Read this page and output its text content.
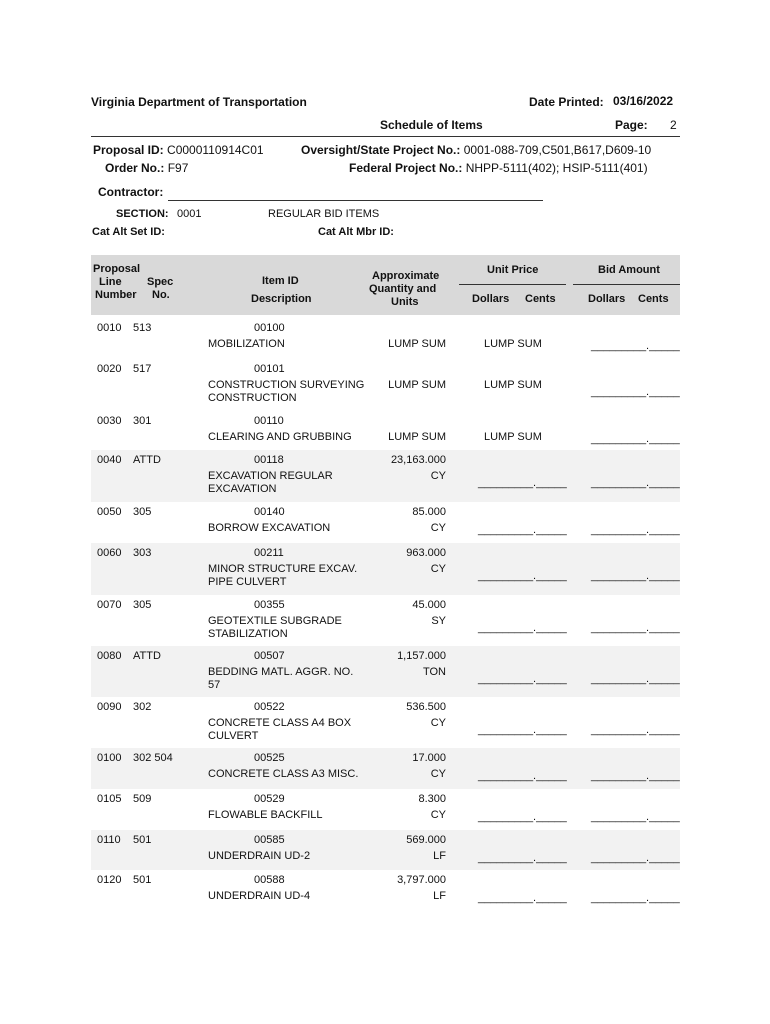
Virginia Department of Transportation	Date Printed: 03/16/2022
Schedule of Items	Page: 2
Proposal ID: C0000110914C01
Order No.: F97
Oversight/State Project No.: 0001-088-709,C501,B617,D609-10
Federal Project No.: NHPP-5111(402); HSIP-5111(401)
Contractor:
SECTION: 0001	REGULAR BID ITEMS
Cat Alt Set ID:	Cat Alt Mbr ID:
Proposal
Line
Number
Spec
No.
Item ID
Description
Approximate
Quantity and
Units
Unit Price	Bid Amount
Dollars Cents	Dollars Cents
0010 513	00100
MOBILIZATION	LUMP SUM	LUMP SUM	_________._____
0020 517	00101
CONSTRUCTION SURVEYING
CONSTRUCTION
LUMP SUM	LUMP SUM
_________._____
0030 301	00110
CLEARING AND GRUBBING	LUMP SUM	LUMP SUM	_________._____
0040 ATTD	00118
EXCAVATION REGULAR
EXCAVATION
23,163.000
CY
_________._____ _________._____
0050 305	00140
BORROW EXCAVATION
85.000
CY	_________._____ _________._____
0060 303	00211
MINOR STRUCTURE EXCAV.
PIPE CULVERT
963.000
CY
_________._____ _________._____
0070 305	00355
GEOTEXTILE SUBGRADE
STABILIZATION
45.000
SY
_________._____ _________._____
0080 ATTD	00507
BEDDING MATL. AGGR. NO.
57
1,157.000
TON
_________._____ _________._____
0090 302	00522
CONCRETE CLASS A4 BOX
CULVERT
536.500
CY
_________._____ _________._____
0100 302 504	00525
CONCRETE CLASS A3 MISC.
17.000
CY	_________._____ _________._____
0105 509	00529
FLOWABLE BACKFILL
8.300
CY	_________._____ _________._____
0110 501	00585
UNDERDRAIN UD-2
569.000
LF	_________._____ _________._____
0120 501	00588
UNDERDRAIN UD-4
3,797.000
LF	_________._____ _________._____
